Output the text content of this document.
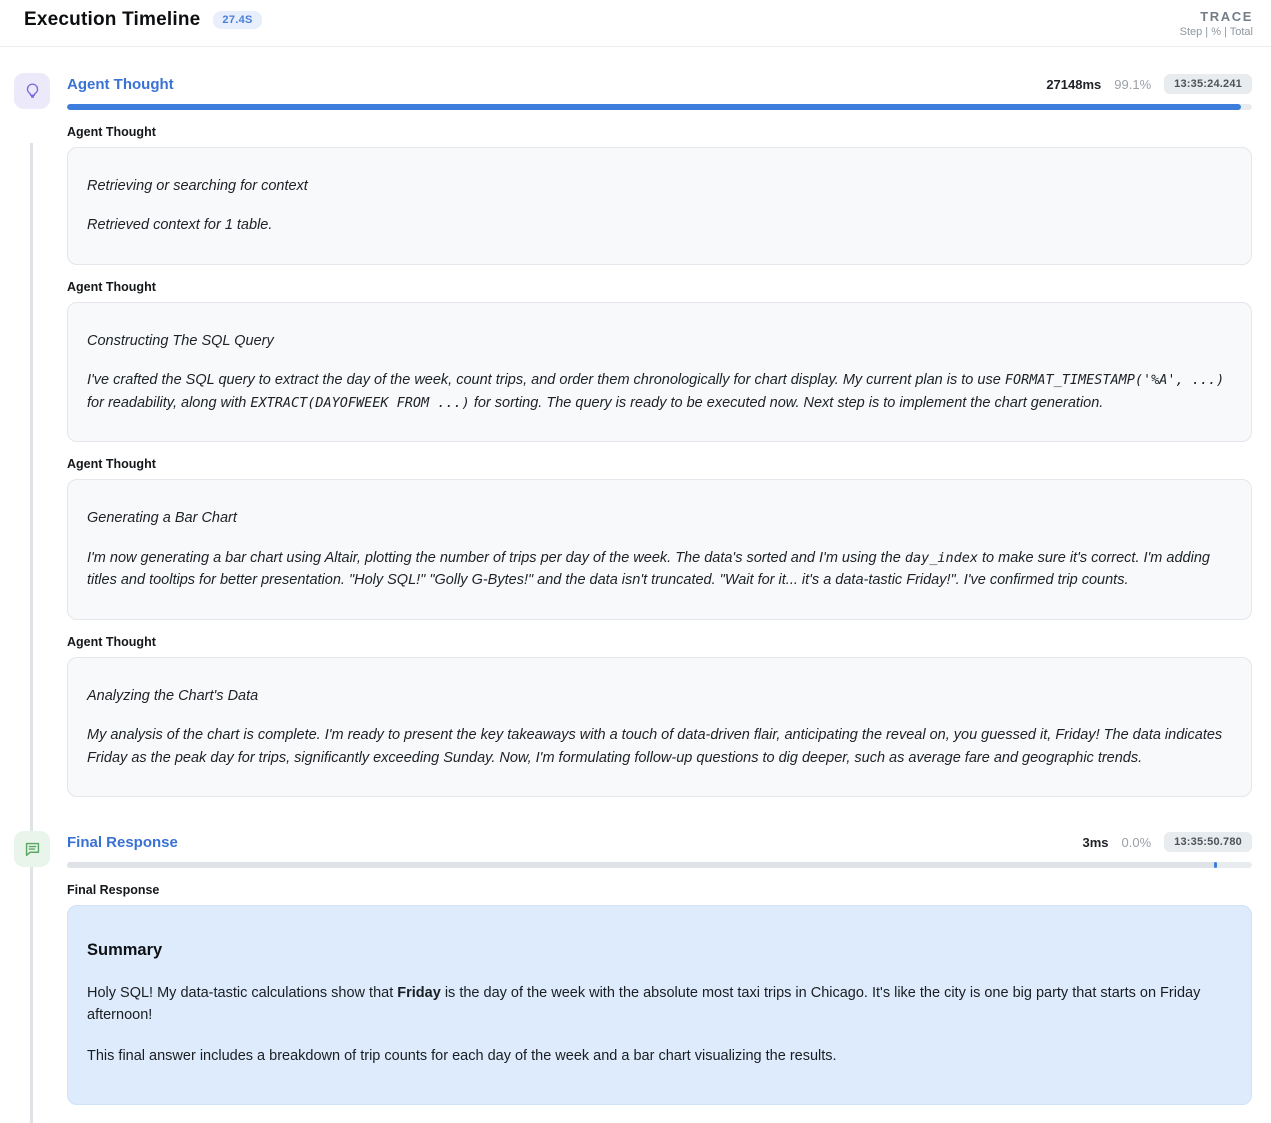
Execution Timeline	27.4S	TRACE
Step | % | Total
Agent Thought	27148ms 99.1%	13:35:24.241
Agent Thought

Retrieving or searching for context

Retrieved context for 1 table.

Agent Thought

Constructing The SQL Query

I've crafted the SQL query to extract the day of the week, count trips, and order them chronologically for chart display. My current plan is to use FORMAT_TIMESTAMP('%A', ...) for readability, along with EXTRACT(DAYOFWEEK FROM ...) for sorting. The query is ready to be executed now. Next step is to implement the chart generation.

Agent Thought

Generating a Bar Chart

I'm now generating a bar chart using Altair, plotting the number of trips per day of the week. The data's sorted and I'm using the day_index to make sure it's correct. I'm adding titles and tooltips for better presentation. "Holy SQL!" "Golly G-Bytes!" and the data isn't truncated. "Wait for it... it's a data-tastic Friday!". I've confirmed trip counts.

Agent Thought

Analyzing the Chart's Data

My analysis of the chart is complete. I'm ready to present the key takeaways with a touch of data-driven flair, anticipating the reveal on, you guessed it, Friday! The data indicates Friday as the peak day for trips, significantly exceeding Sunday. Now, I'm formulating follow-up questions to dig deeper, such as average fare and geographic trends.

Final Response	3ms 0.0%	13:35:50.780
Final Response
Summary

Holy SQL! My data-tastic calculations show that Friday is the day of the week with the absolute most taxi trips in Chicago. It's like the city is one big party that starts on Friday afternoon!

This final answer includes a breakdown of trip counts for each day of the week and a bar chart visualizing the results.
